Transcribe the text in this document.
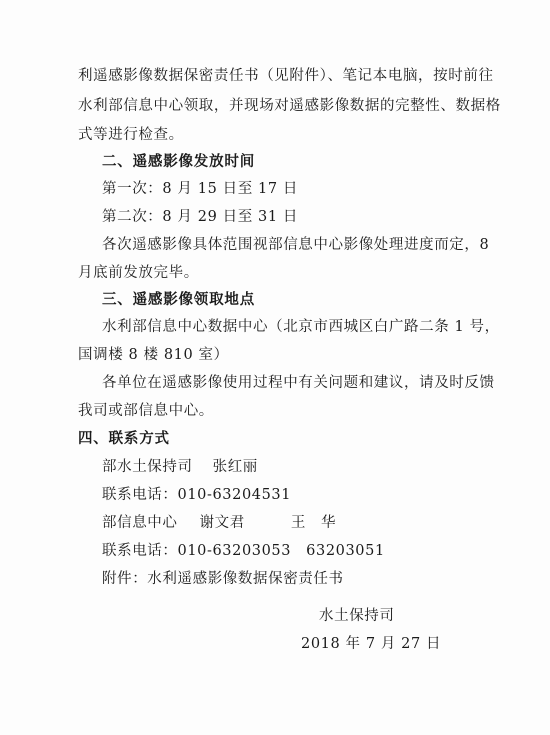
利遥感影像数据保密责任书（见附件）、笔记本电脑，按时前往
水利部信息中心领取，并现场对遥感影像数据的完整性、数据格
式等进行检查。
二、遥感影像发放时间
第一次：8 月 15 日至 17 日
第二次：8 月 29 日至 31 日
各次遥感影像具体范围视部信息中心影像处理进度而定，8
月底前发放完毕。
三、遥感影像领取地点
水利部信息中心数据中心（北京市西城区白广路二条 1 号，
国调楼 8 楼 810 室）
各单位在遥感影像使用过程中有关问题和建议，请及时反馈
我司或部信息中心。
四、联系方式
部水土保持司 张红丽
联系电话：010-63204531
部信息中心 谢文君	王　华
联系电话：010-63203053　63203051
附件：水利遥感影像数据保密责任书
水土保持司
2018 年 7 月 27 日
